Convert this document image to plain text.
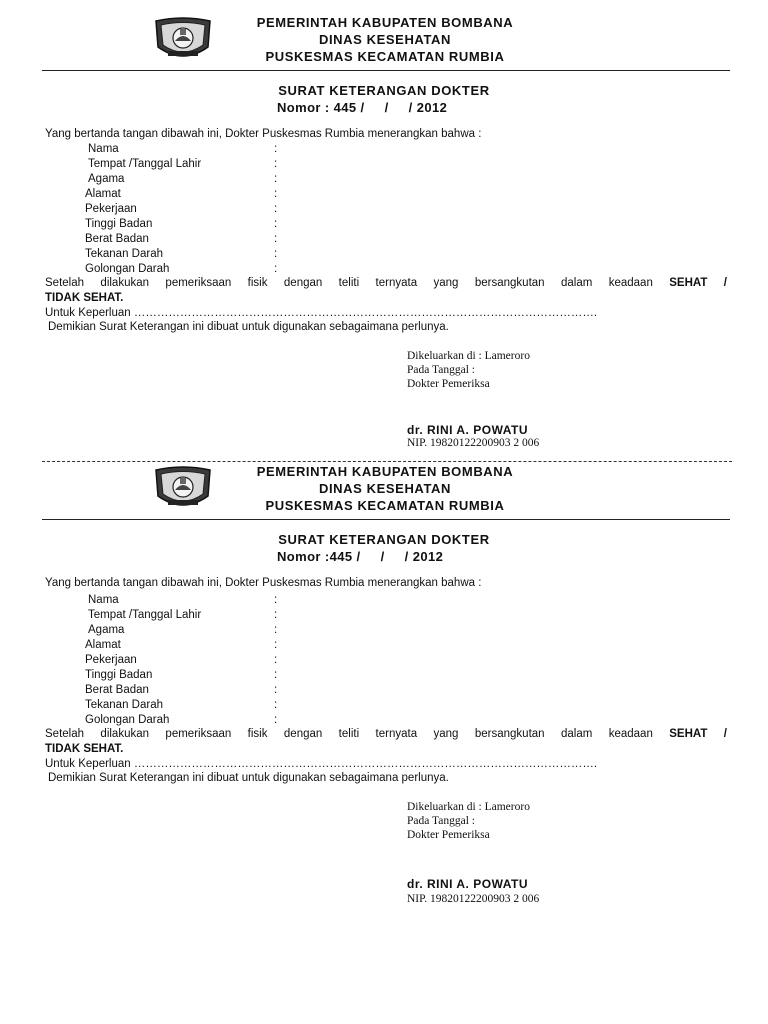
PEMERINTAH KABUPATEN BOMBANA
DINAS KESEHATAN
PUSKESMAS KECAMATAN RUMBIA
SURAT KETERANGAN DOKTER
Nomor : 445 /     /     / 2012
Yang bertanda tangan dibawah ini, Dokter Puskesmas Rumbia menerangkan bahwa :
Nama
Tempat /Tanggal Lahir
Agama
Alamat
Pekerjaan
Tinggi Badan
Berat Badan
Tekanan Darah
Golongan Darah
:
:
:
:
:
:
:
:
:
Setelah dilakukan pemeriksaan fisik dengan teliti ternyata yang bersangkutan dalam keadaan SEHAT /
TIDAK SEHAT.
Untuk Keperluan ………………………………………………………………………………………………………….
Demikian Surat Keterangan ini dibuat untuk digunakan sebagaimana perlunya.
Dikeluarkan di : Lameroro
Pada Tanggal :
Dokter Pemeriksa
dr. RINI A. POWATU
NIP. 19820122200903 2 006
PEMERINTAH KABUPATEN BOMBANA
DINAS KESEHATAN
PUSKESMAS KECAMATAN RUMBIA
SURAT KETERANGAN DOKTER
Nomor :445 /     /     / 2012
Yang bertanda tangan dibawah ini, Dokter Puskesmas Rumbia menerangkan bahwa :
Nama
Tempat /Tanggal Lahir
Agama
Alamat
Pekerjaan
Tinggi Badan
Berat Badan
Tekanan Darah
Golongan Darah
:
:
:
:
:
:
:
:
:
Setelah dilakukan pemeriksaan fisik dengan teliti ternyata yang bersangkutan dalam keadaan SEHAT /
TIDAK SEHAT.
Untuk Keperluan ………………………………………………………………………………………………………….
Demikian Surat Keterangan ini dibuat untuk digunakan sebagaimana perlunya.
Dikeluarkan di : Lameroro
Pada Tanggal :
Dokter Pemeriksa
dr. RINI A. POWATU
NIP. 19820122200903 2 006
